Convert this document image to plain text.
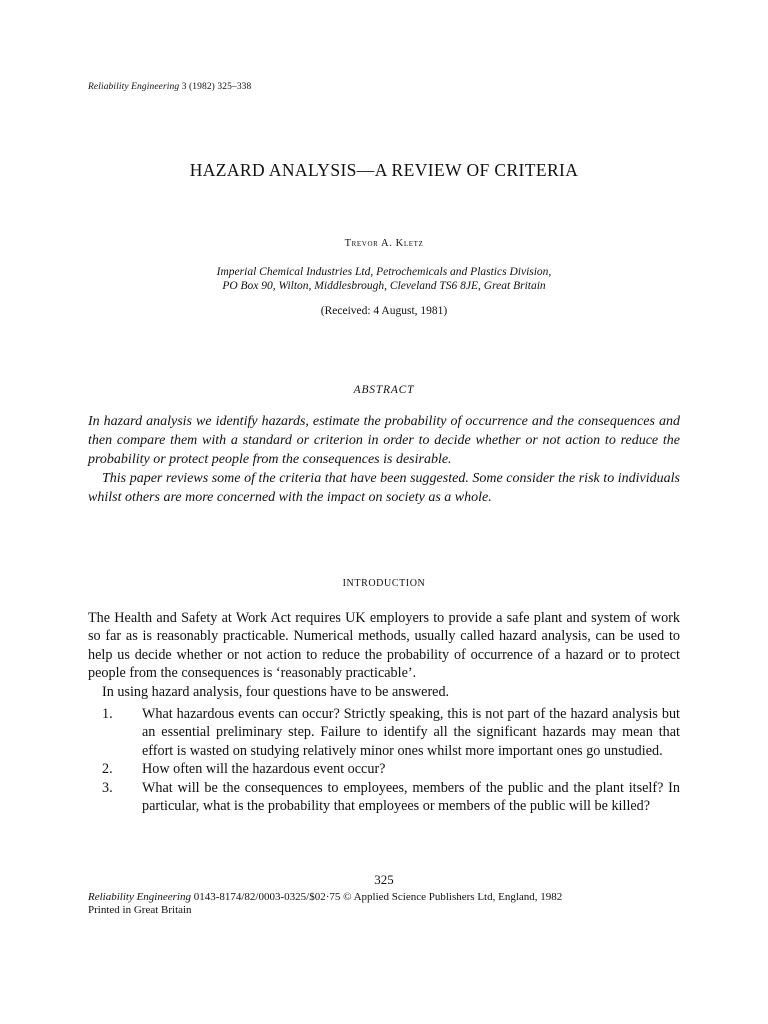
Reliability Engineering 3 (1982) 325–338
HAZARD ANALYSIS—A REVIEW OF CRITERIA
Trevor A. Kletz
Imperial Chemical Industries Ltd, Petrochemicals and Plastics Division,
PO Box 90, Wilton, Middlesbrough, Cleveland TS6 8JE, Great Britain
(Received: 4 August, 1981)
ABSTRACT

In hazard analysis we identify hazards, estimate the probability of occurrence and the consequences and then compare them with a standard or criterion in order to decide whether or not action to reduce the probability or protect people from the consequences is desirable.

This paper reviews some of the criteria that have been suggested. Some consider the risk to individuals whilst others are more concerned with the impact on society as a whole.

INTRODUCTION

The Health and Safety at Work Act requires UK employers to provide a safe plant and system of work so far as is reasonably practicable. Numerical methods, usually called hazard analysis, can be used to help us decide whether or not action to reduce the probability of occurrence of a hazard or to protect people from the consequences is ‘reasonably practicable’.

In using hazard analysis, four questions have to be answered.

1. What hazardous events can occur? Strictly speaking, this is not part of the hazard analysis but an essential preliminary step. Failure to identify all the significant hazards may mean that effort is wasted on studying relatively minor ones whilst more important ones go unstudied.
2. How often will the hazardous event occur?
3. What will be the consequences to employees, members of the public and the plant itself? In particular, what is the probability that employees or members of the public will be killed?
325
Reliability Engineering 0143-8174/82/0003-0325/$02·75 © Applied Science Publishers Ltd, England, 1982
Printed in Great Britain
